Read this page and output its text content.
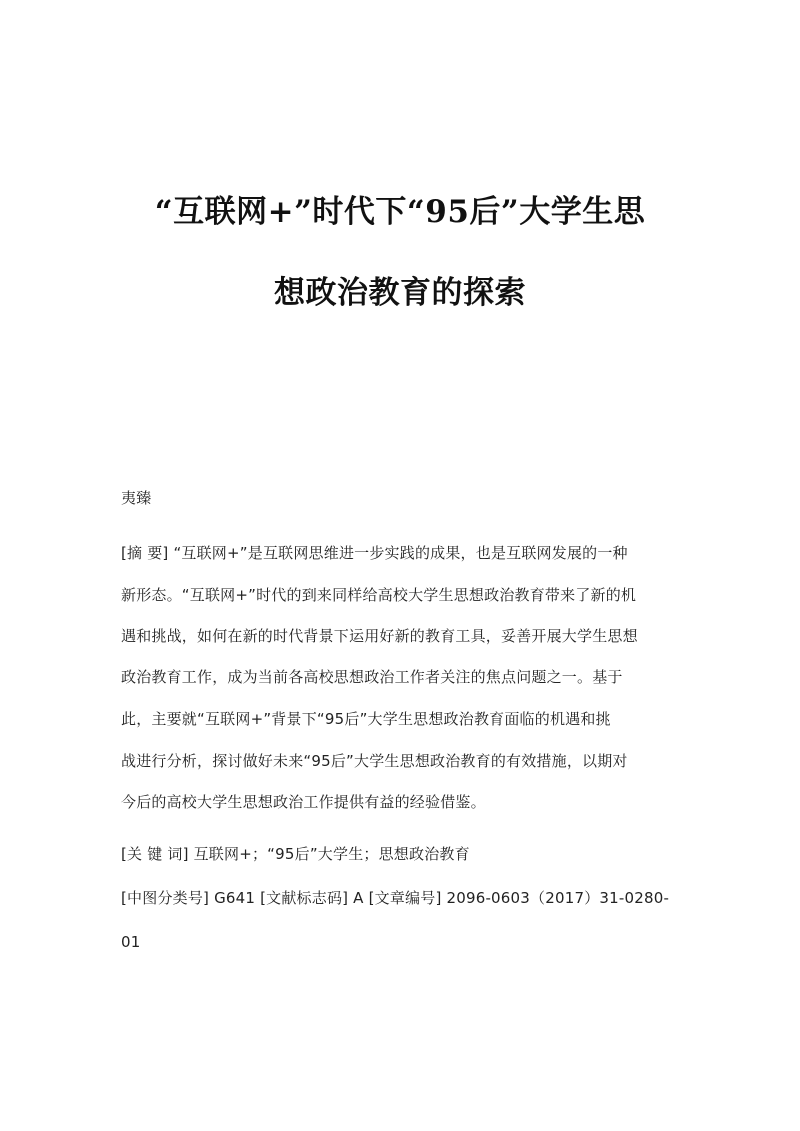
“互联网+”时代下“95后”大学生思
想政治教育的探索
夷臻
[摘 要] “互联网+”是互联网思维进一步实践的成果，也是互联网发展的一种
新形态。“互联网+”时代的到来同样给高校大学生思想政治教育带来了新的机
遇和挑战，如何在新的时代背景下运用好新的教育工具，妥善开展大学生思想
政治教育工作，成为当前各高校思想政治工作者关注的焦点问题之一。基于
此，主要就“互联网+”背景下“95后”大学生思想政治教育面临的机遇和挑
战进行分析，探讨做好未来“95后”大学生思想政治教育的有效措施，以期对
今后的高校大学生思想政治工作提供有益的经验借鉴。
[关 键 词] 互联网+；“95后”大学生；思想政治教育
[中图分类号] G641 [文献标志码] A [文章编号] 2096-0603（2017）31-0280-
01
